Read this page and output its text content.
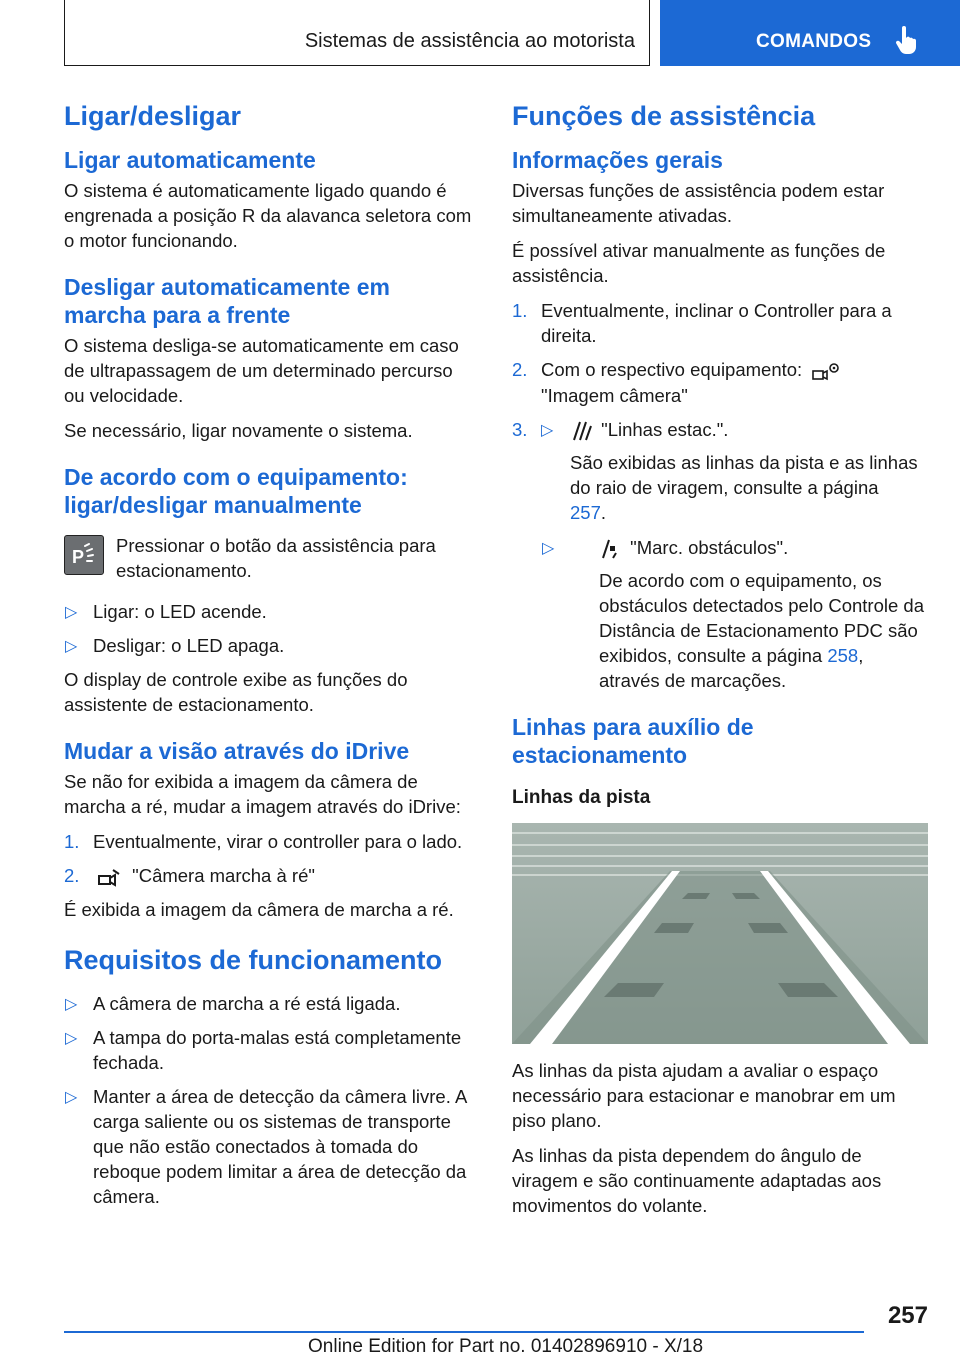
Sistemas de assistência ao motorista	COMANDOS
Ligar/desligar
Ligar automaticamente

O sistema é automaticamente ligado quando é engrenada a posição R da alavanca seletora com o motor funcionando.

Desligar automaticamente em marcha para a frente

O sistema desliga-se automaticamente em caso de ultrapassagem de um determinado percurso ou velocidade.

Se necessário, ligar novamente o sistema.

De acordo com o equipamento: ligar/desligar manualmente
P
Pressionar o botão da assistência para estacionamento.
▷ Ligar: o LED acende.
▷ Desligar: o LED apaga.

O display de controle exibe as funções do assistente de estacionamento.

Mudar a visão através do iDrive

Se não for exibida a imagem da câmera de marcha a ré, mudar a imagem através do iDrive:

1. Eventualmente, virar o controller para o lado.
2.	"Câmera marcha à ré"

É exibida a imagem da câmera de marcha a ré.

Requisitos de funcionamento
▷ A câmera de marcha a ré está ligada.
▷ A tampa do porta-malas está completamente fechada.
▷ Manter a área de detecção da câmera livre. A carga saliente ou os sistemas de transporte que não estão conectados à tomada do reboque podem limitar a área de detecção da câmera.
Funções de assistência
Informações gerais

Diversas funções de assistência podem estar simultaneamente ativadas.

É possível ativar manualmente as funções de assistência.

1. Eventualmente, inclinar o Controller para a direita.
2. Com o respectivo equipamento:
"Imagem câmera"
3. ▷	"Linhas estac.".

São exibidas as linhas da pista e as linhas do raio de viragem, consulte a página
257.

▷	"Marc. obstáculos".

De acordo com o equipamento, os obstáculos detectados pelo Controle da Distância de Estacionamento PDC são exibidos, consulte a página 258, através de marcações.

Linhas para auxílio de estacionamento
Linhas da pista

As linhas da pista ajudam a avaliar o espaço necessário para estacionar e manobrar em um piso plano.

As linhas da pista dependem do ângulo de viragem e são continuamente adaptadas aos movimentos do volante.

257
Online Edition for Part no. 01402896910 - X/18
